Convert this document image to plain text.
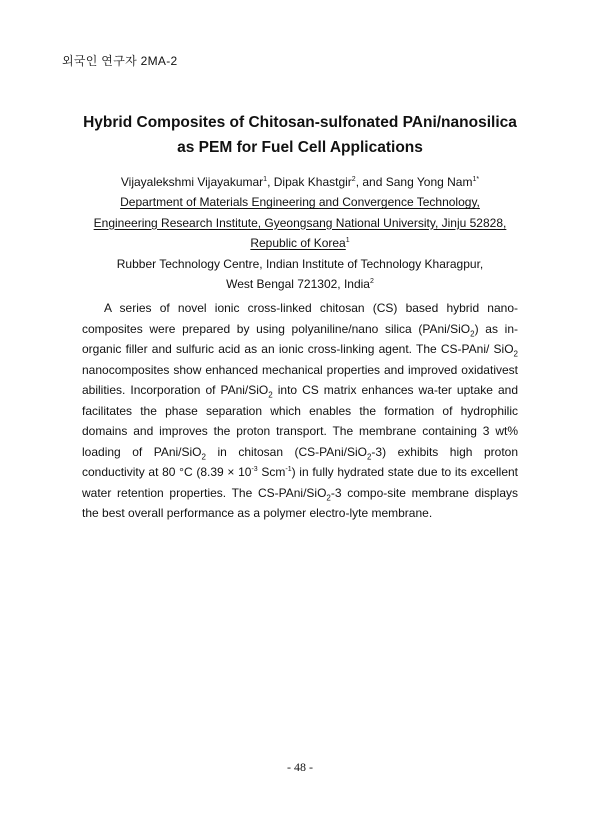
외국인 연구자 2MA-2
Hybrid Composites of Chitosan-sulfonated PAni/nanosilica
as PEM for Fuel Cell Applications
Vijayalekshmi Vijayakumar$^1$, Dipak Khastgir$^2$, and Sang Yong Nam$^{1*}$
Department of Materials Engineering and Convergence Technology,
Engineering Research Institute, Gyeongsang National University, Jinju 52828,
Republic of Korea$^1$
Rubber Technology Centre, Indian Institute of Technology Kharagpur,
West Bengal 721302, India$^2$

A series of novel ionic cross-linked chitosan (CS) based hybrid nano-composites were prepared by using polyaniline/nano silica (PAni/SiO$_2$) as in-organic filler and sulfuric acid as an ionic cross-linking agent. The CS-PAni/ SiO$_2$ nanocomposites show enhanced mechanical properties and improved oxidativest abilities. Incorporation of PAni/SiO$_2$ into CS matrix enhances wa-ter uptake and facilitates the phase separation which enables the formation of hydrophilic domains and improves the proton transport. The membrane containing 3 wt% loading of PAni/SiO$_2$ in chitosan (CS-PAni/SiO$_2$-3) exhibits high proton conductivity at 80 °C ($8.39 \times 10^{-3}$ Scm$^{-1}$) in fully hydrated state due to its excellent water retention properties. The CS-PAni/SiO$_2$-3 compo-site membrane displays the best overall performance as a polymer electro-lyte membrane.

- 48 -
